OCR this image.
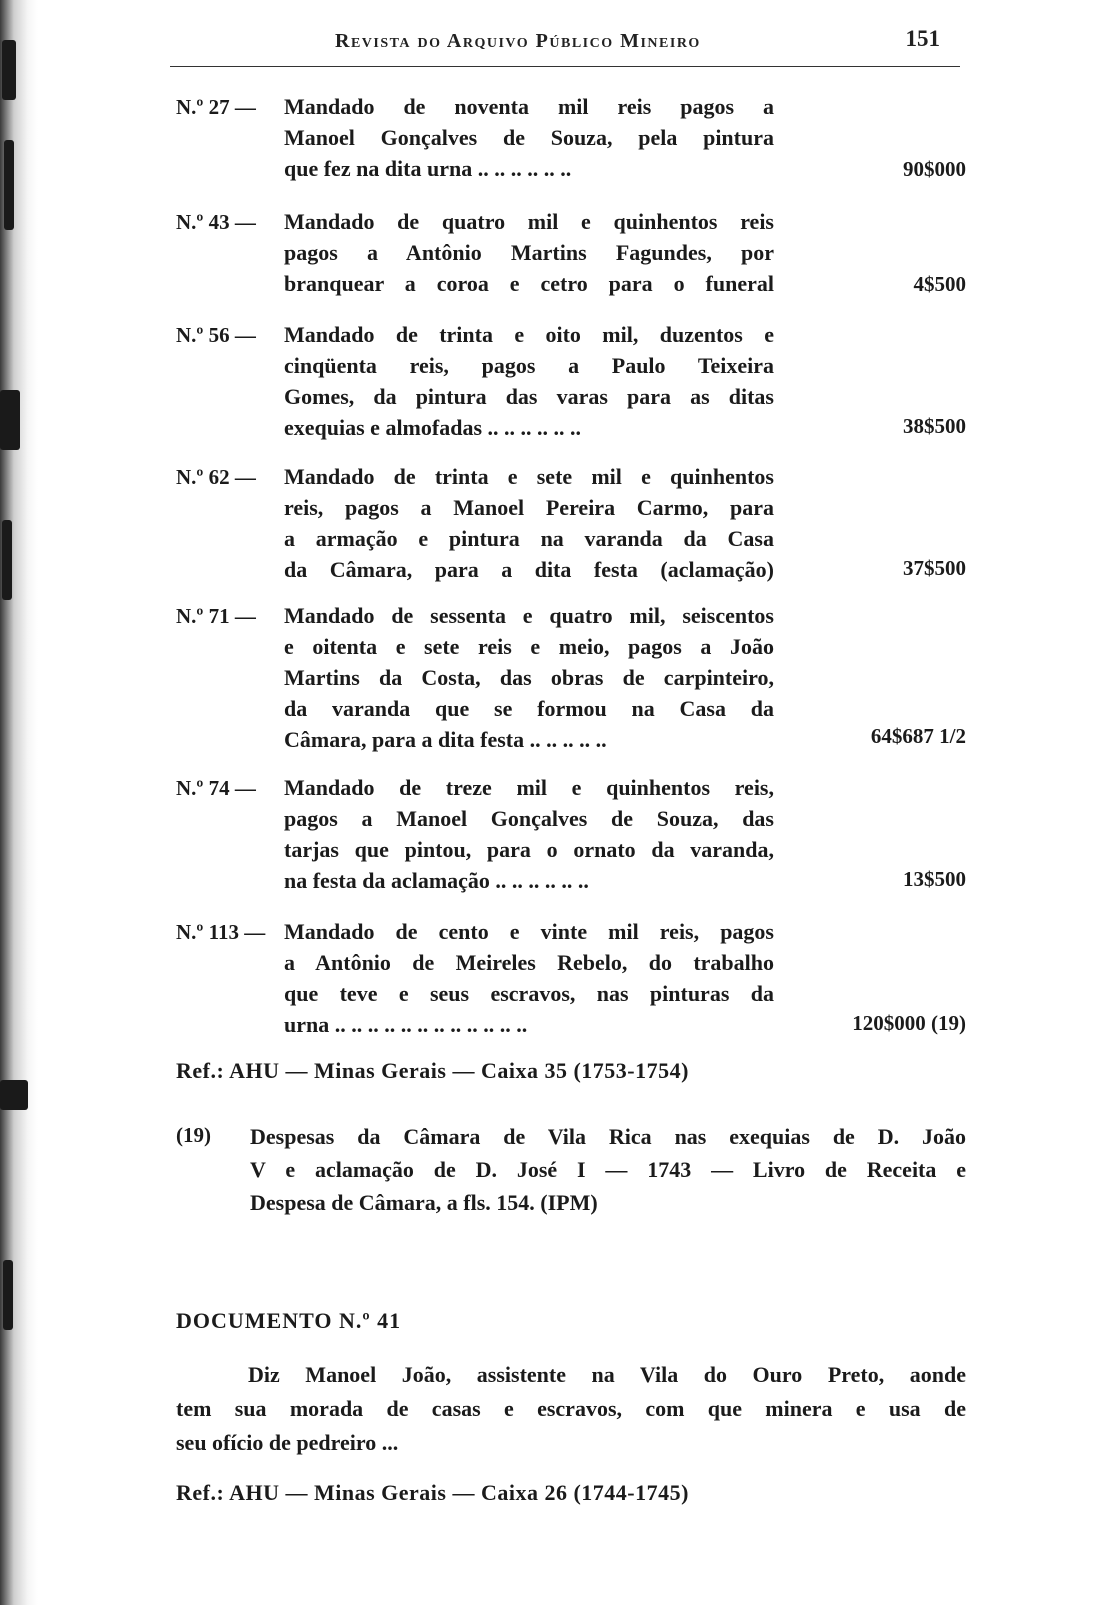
Revista do Arquivo Público Mineiro	151
N.º 27 — Mandado de noventa mil reis pagos a
Manoel Gonçalves de Souza, pela pintura
que fez na dita urna .. .. .. .. .. ..	90$000
N.º 43 — Mandado de quatro mil e quinhentos reis
pagos a Antônio Martins Fagundes, por
branquear a coroa e cetro para o funeral	4$500
N.º 56 — Mandado de trinta e oito mil, duzentos e
cinqüenta reis, pagos a Paulo Teixeira
Gomes, da pintura das varas para as ditas
exequias e almofadas .. .. .. .. .. ..	38$500
N.º 62 — Mandado de trinta e sete mil e quinhentos
reis, pagos a Manoel Pereira Carmo, para
a armação e pintura na varanda da Casa
da Câmara, para a dita festa (aclamação)	37$500
N.º 71 — Mandado de sessenta e quatro mil, seiscentos
e oitenta e sete reis e meio, pagos a João
Martins da Costa, das obras de carpinteiro,
da varanda que se formou na Casa da
Câmara, para a dita festa .. .. .. .. ..	64$687 1/2
N.º 74 — Mandado de treze mil e quinhentos reis,
pagos a Manoel Gonçalves de Souza, das
tarjas que pintou, para o ornato da varanda,
na festa da aclamação .. .. .. .. .. ..	13$500
N.º 113 — Mandado de cento e vinte mil reis, pagos
a Antônio de Meireles Rebelo, do trabalho
que teve e seus escravos, nas pinturas da
urna .. .. .. .. .. .. .. .. .. .. .. ..	120$000 (19)
Ref.: AHU — Minas Gerais — Caixa 35 (1753-1754)
(19) Despesas da Câmara de Vila Rica nas exequias de D. João
V e aclamação de D. José I — 1743 — Livro de Receita e
Despesa de Câmara, a fls. 154. (IPM)
DOCUMENTO N.º 41
Diz Manoel João, assistente na Vila do Ouro Preto, aonde
tem sua morada de casas e escravos, com que minera e usa de
seu ofício de pedreiro ...
Ref.: AHU — Minas Gerais — Caixa 26 (1744-1745)
